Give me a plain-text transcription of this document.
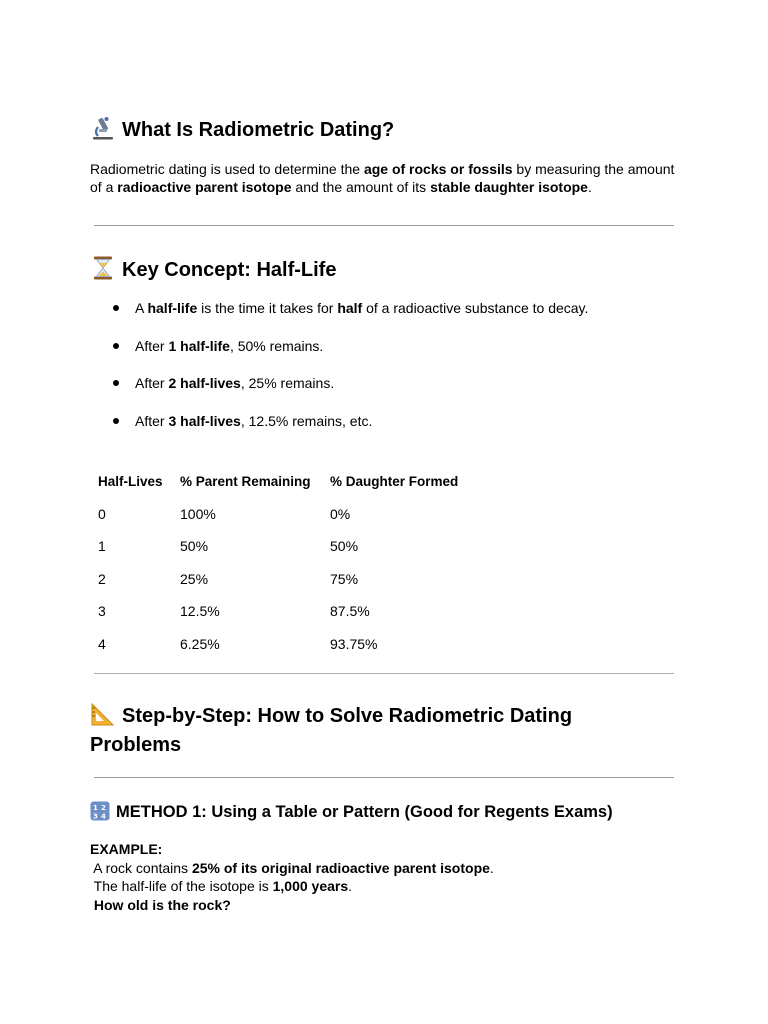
What Is Radiometric Dating?

Radiometric dating is used to determine the age of rocks or fossils by measuring the amount of a radioactive parent isotope and the amount of its stable daughter isotope.

Key Concept: Half-Life
A half-life is the time it takes for half of a radioactive substance to decay.
After 1 half-life, 50% remains.
After 2 half-lives, 25% remains.
After 3 half-lives, 12.5% remains, etc.
Half-Lives	% Parent Remaining	% Daughter Formed
0	100%	0%
1	50%	50%
2	25%	75%
3	12.5%	87.5%
4	6.25%	93.75%
Step-by-Step: How to Solve Radiometric Dating
Problems
1 2
3 4 METHOD 1: Using a Table or Pattern (Good for Regents Exams)
EXAMPLE:
A rock contains 25% of its original radioactive parent isotope.
The half-life of the isotope is 1,000 years.
How old is the rock?
